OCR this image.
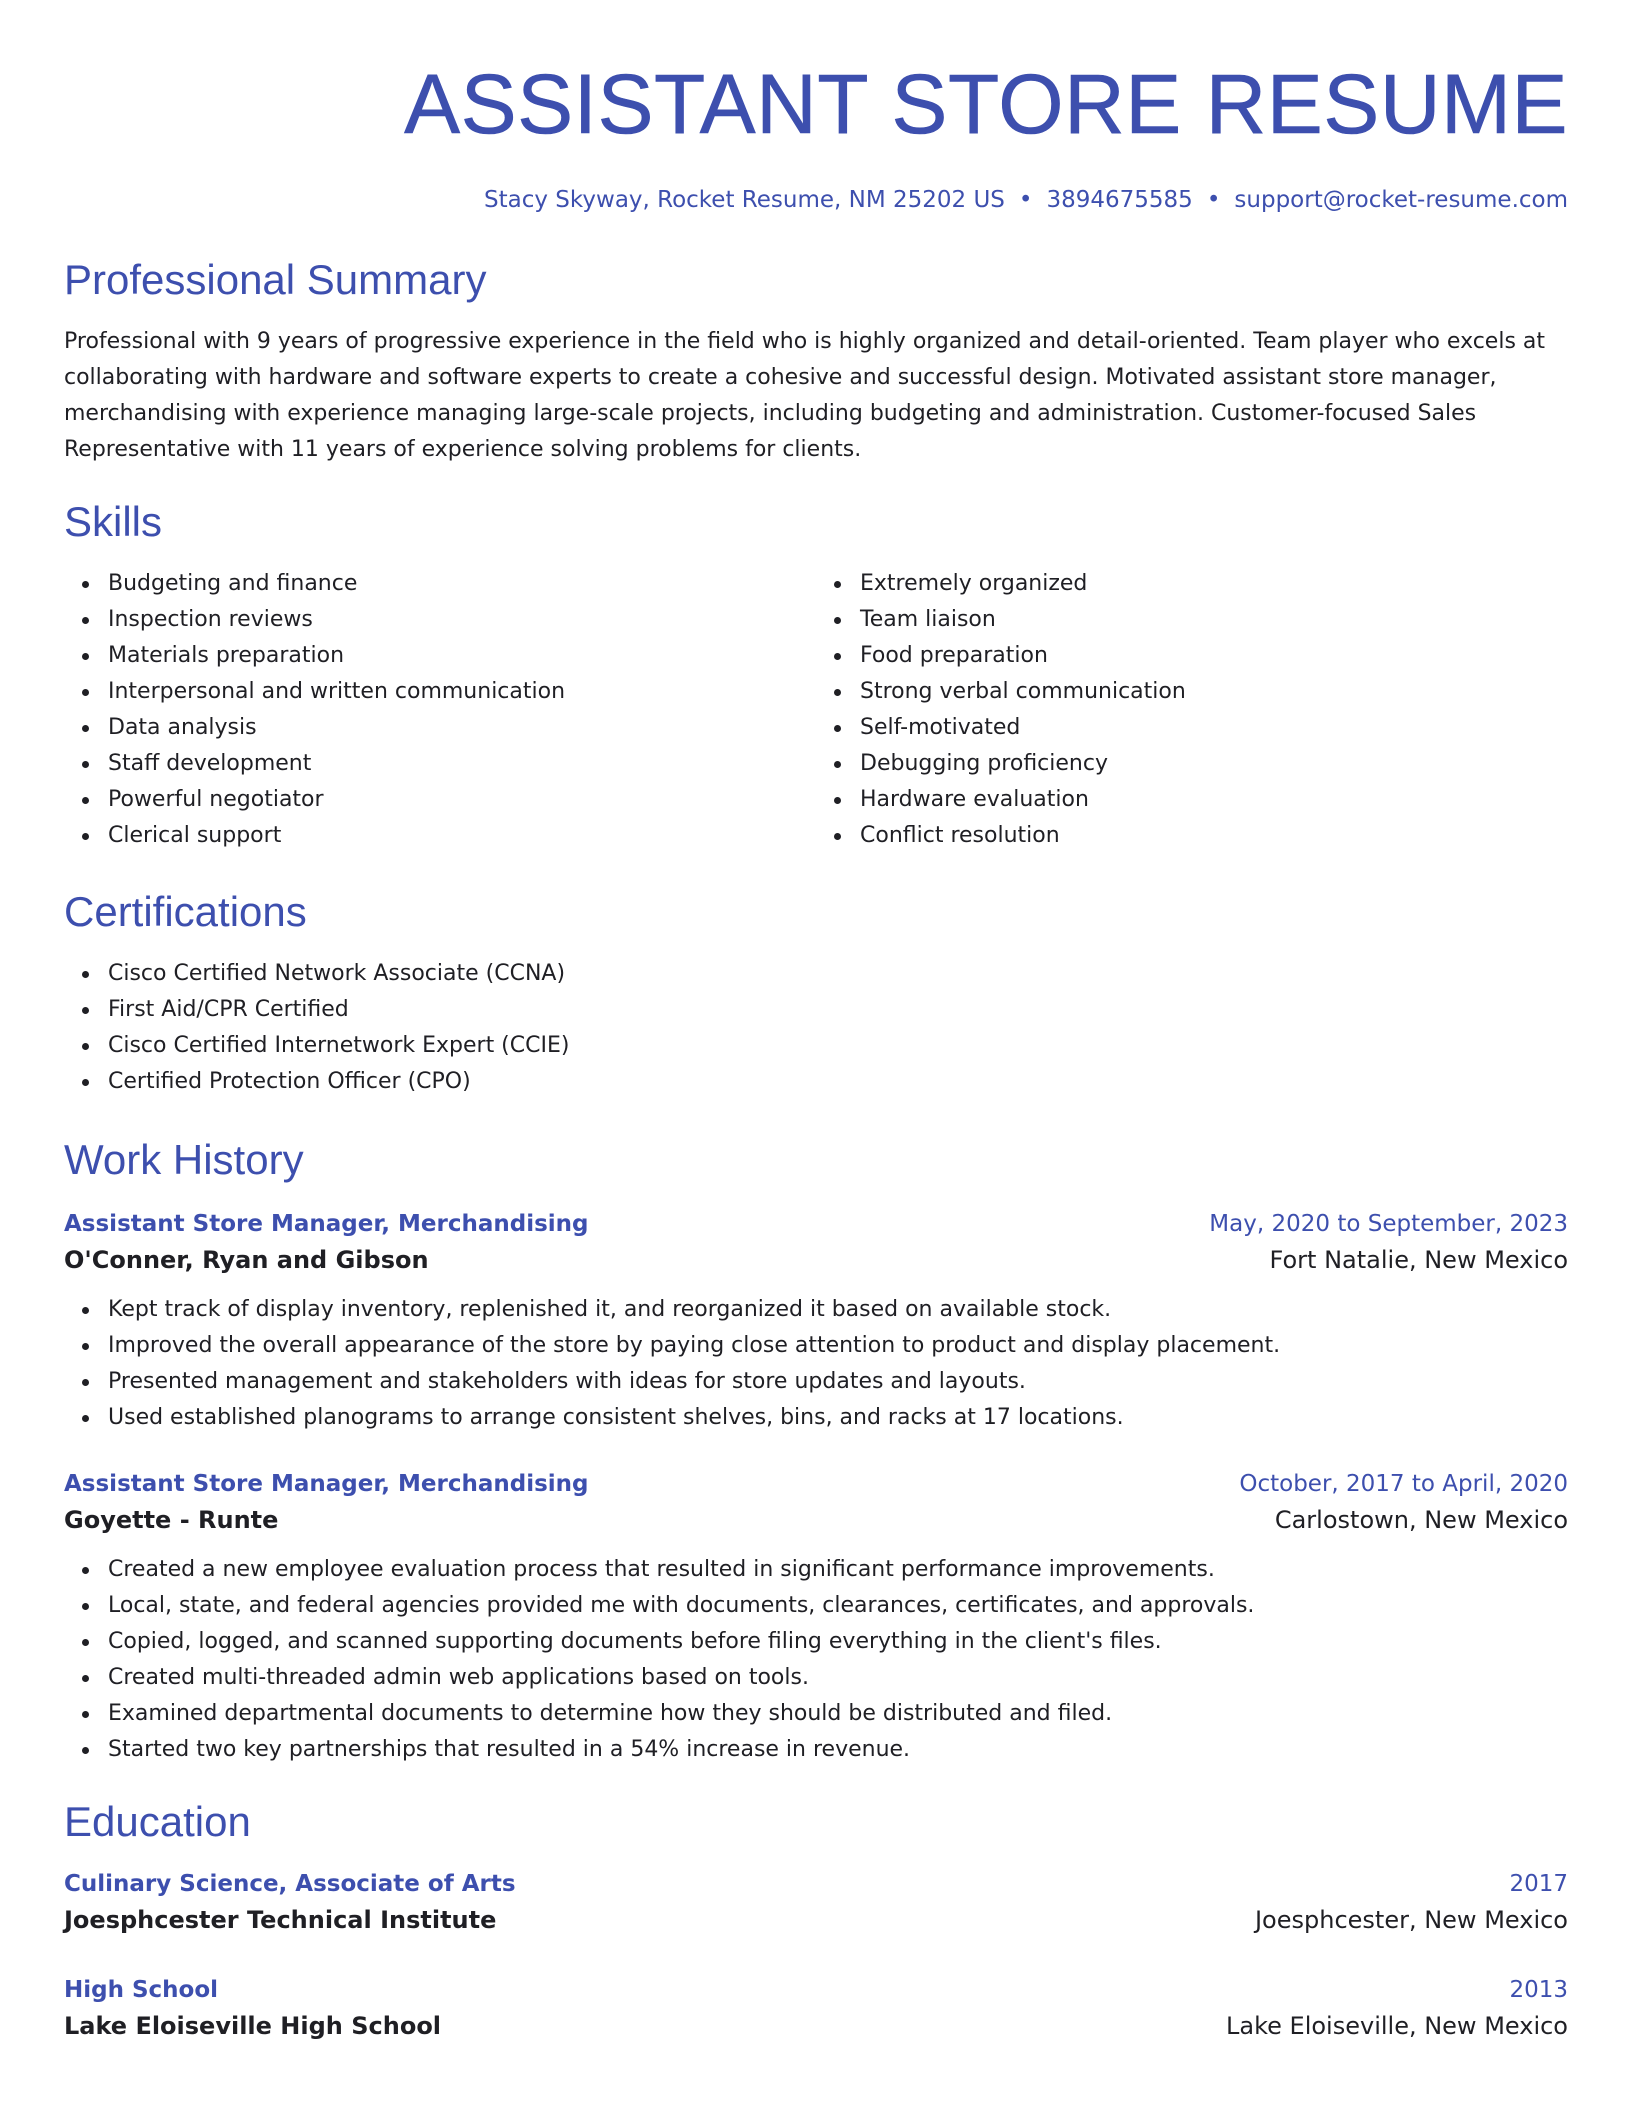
ASSISTANT STORE RESUME
Stacy Skyway, Rocket Resume, NM 25202 US • 3894675585 • support@rocket-resume.com
Professional Summary
Professional with 9 years of progressive experience in the field who is highly organized and detail-oriented. Team player who excels at collaborating with hardware and software experts to create a cohesive and successful design. Motivated assistant store manager, merchandising with experience managing large-scale projects, including budgeting and administration. Customer-focused Sales Representative with 11 years of experience solving problems for clients.
Skills
Budgeting and finance
Inspection reviews
Materials preparation
Interpersonal and written communication
Data analysis
Staff development
Powerful negotiator
Clerical support
Extremely organized
Team liaison
Food preparation
Strong verbal communication
Self-motivated
Debugging proficiency
Hardware evaluation
Conflict resolution
Certifications
Cisco Certified Network Associate (CCNA)
First Aid/CPR Certified
Cisco Certified Internetwork Expert (CCIE)
Certified Protection Officer (CPO)
Work History
Assistant Store Manager, Merchandising	May, 2020 to September, 2023
O'Conner, Ryan and Gibson	Fort Natalie, New Mexico
Kept track of display inventory, replenished it, and reorganized it based on available stock.
Improved the overall appearance of the store by paying close attention to product and display placement.
Presented management and stakeholders with ideas for store updates and layouts.
Used established planograms to arrange consistent shelves, bins, and racks at 17 locations.
Assistant Store Manager, Merchandising	October, 2017 to April, 2020
Goyette - Runte	Carlostown, New Mexico
Created a new employee evaluation process that resulted in significant performance improvements.
Local, state, and federal agencies provided me with documents, clearances, certificates, and approvals.
Copied, logged, and scanned supporting documents before filing everything in the client's files.
Created multi-threaded admin web applications based on tools.
Examined departmental documents to determine how they should be distributed and filed.
Started two key partnerships that resulted in a 54% increase in revenue.
Education
Culinary Science, Associate of Arts	2017
Joesphcester Technical Institute	Joesphcester, New Mexico
High School	2013
Lake Eloiseville High School	Lake Eloiseville, New Mexico
